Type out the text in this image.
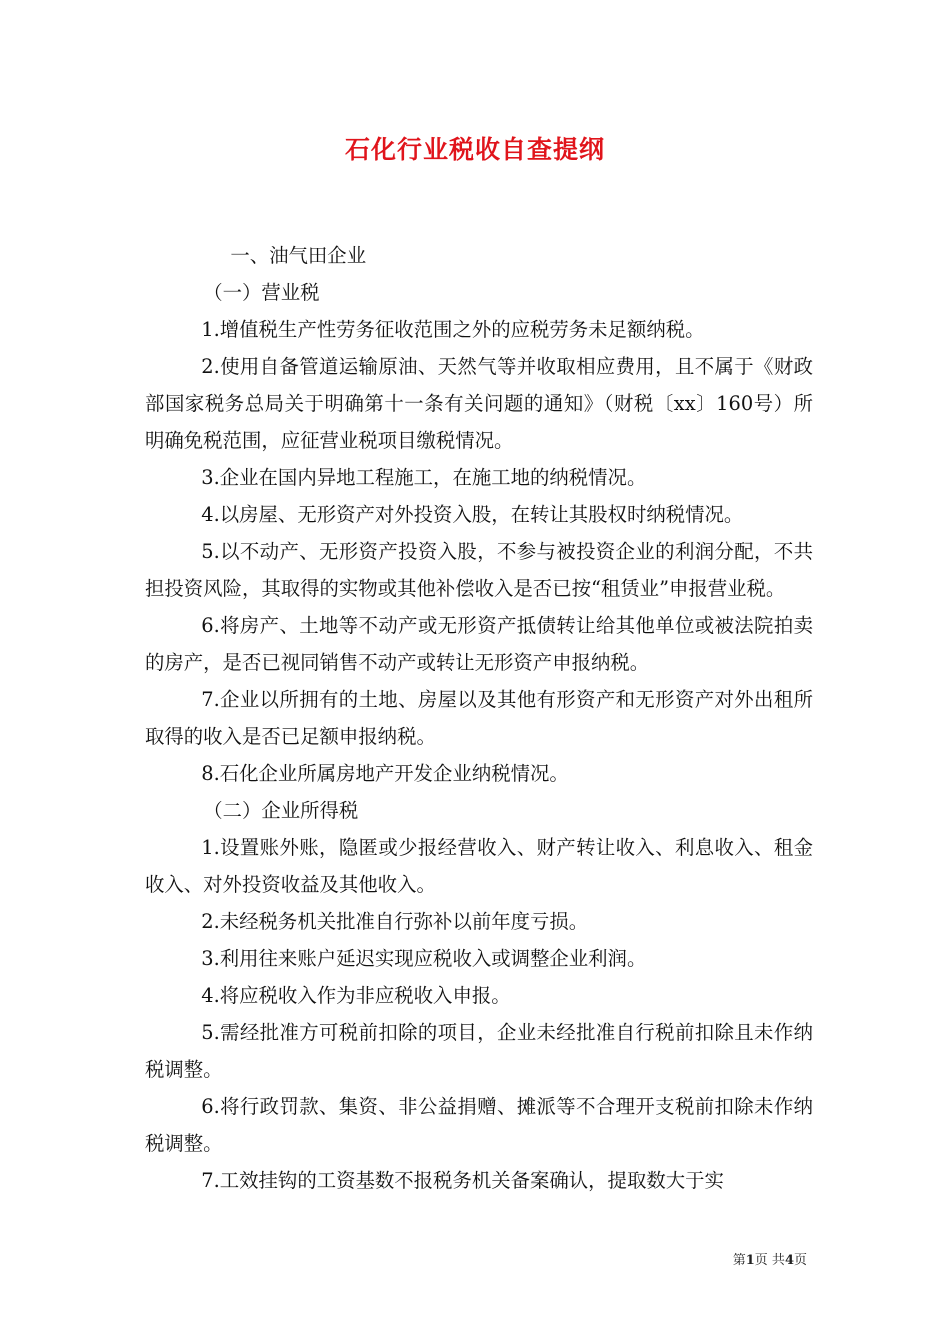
石化行业税收自查提纲

一、油气田企业

（一）营业税

1.增值税生产性劳务征收范围之外的应税劳务未足额纳税。

2.使用自备管道运输原油、天然气等并收取相应费用，且不属于《财政部国家税务总局关于明确第十一条有关问题的通知》（财税〔xx〕160号）所明确免税范围，应征营业税项目缴税情况。

3.企业在国内异地工程施工，在施工地的纳税情况。

4.以房屋、无形资产对外投资入股，在转让其股权时纳税情况。

5.以不动产、无形资产投资入股，不参与被投资企业的利润分配，不共担投资风险，其取得的实物或其他补偿收入是否已按“租赁业”申报营业税。

6.将房产、土地等不动产或无形资产抵债转让给其他单位或被法院拍卖的房产，是否已视同销售不动产或转让无形资产申报纳税。

7.企业以所拥有的土地、房屋以及其他有形资产和无形资产对外出租所取得的收入是否已足额申报纳税。

8.石化企业所属房地产开发企业纳税情况。

（二）企业所得税

1.设置账外账，隐匿或少报经营收入、财产转让收入、利息收入、租金收入、对外投资收益及其他收入。

2.未经税务机关批准自行弥补以前年度亏损。

3.利用往来账户延迟实现应税收入或调整企业利润。

4.将应税收入作为非应税收入申报。

5.需经批准方可税前扣除的项目，企业未经批准自行税前扣除且未作纳税调整。

6.将行政罚款、集资、非公益捐赠、摊派等不合理开支税前扣除未作纳税调整。

7.工效挂钩的工资基数不报税务机关备案确认，提取数大于实

第1页 共4页
